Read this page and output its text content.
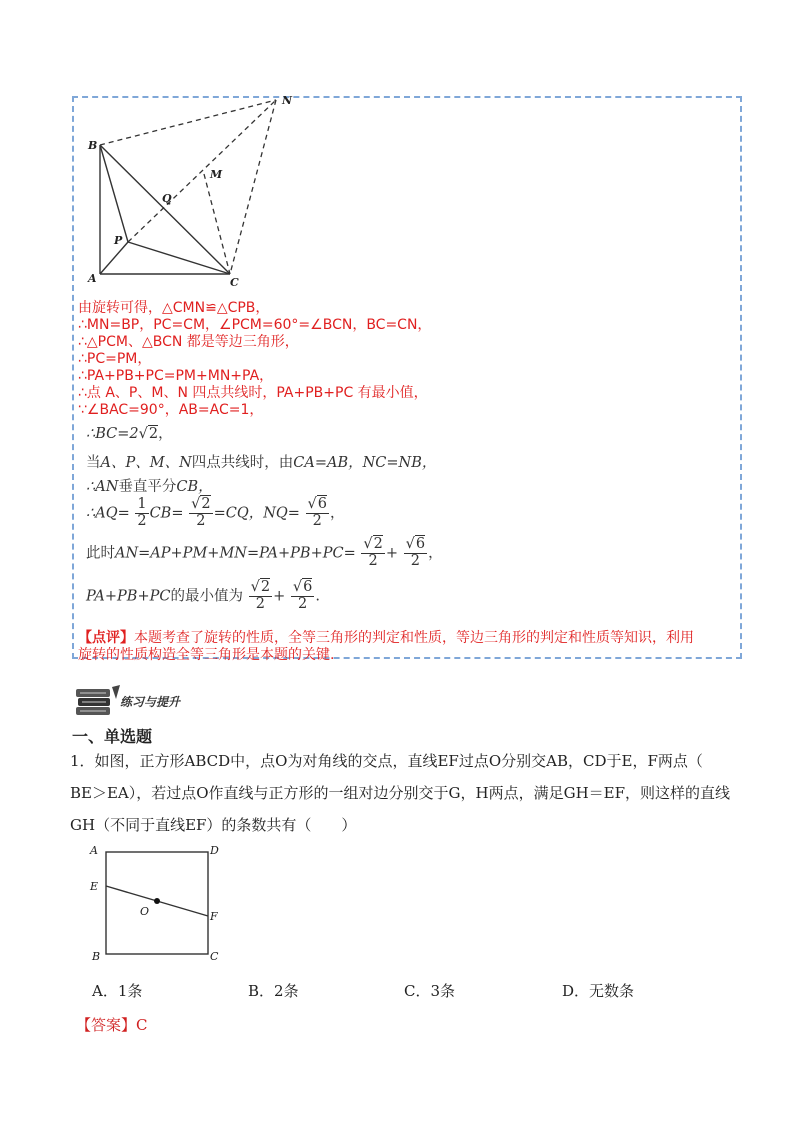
N
B
M
Q
P
A	C
由旋转可得，△CMN≌△CPB，
∴MN=BP，PC=CM，∠PCM=60°=∠BCN，BC=CN，
∴△PCM、△BCN 都是等边三角形，
∴PC=PM，
∴PA+PB+PC=PM+MN+PA，
∴点 A、P、M、N 四点共线时，PA+PB+PC 有最小值，
∵∠BAC=90°，AB=AC=1，
∴BC=2√2，
当A、P、M、N四点共线时，由CA=AB，NC=NB，
∴AN垂直平分CB，
∴AQ= $\frac{1}{2} CB= \frac{√2}{2} =CQ$，$NQ= \frac{√6}{2}$ ，
此时$AN=AP+PM+MN=PA+PB+PC= \frac{√2}{2} + \frac{√6}{2}$ ，
PA+PB+PC的最小值为 $\frac{√2}{2} + \frac{√6}{2}$ .
【点评】本题考查了旋转的性质，全等三角形的判定和性质，等边三角形的判定和性质等知识，利用
旋转的性质构造全等三角形是本题的关键.
练习与提升
一、单选题
1．如图，正方形ABCD中，点O为对角线的交点，直线EF过点O分别交AB，CD于E，F两点（
BE＞EA），若过点O作直线与正方形的一组对边分别交于G，H两点，满足GH＝EF，则这样的直线
GH（不同于直线EF）的条数共有（　　）
A	D
E
O	F
B	C
A．1条	B．2条	C．3条	D．无数条
【答案】C
